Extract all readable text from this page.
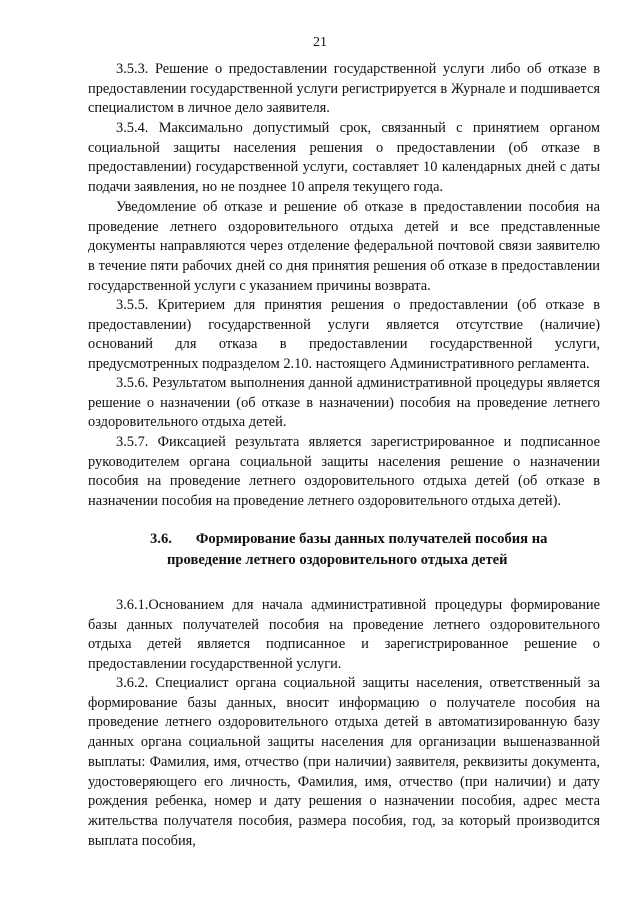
21

3.5.3. Решение о предоставлении государственной услуги либо об отказе в предоставлении государственной услуги регистрируется в Журнале и подшивается специалистом в личное дело заявителя.

3.5.4. Максимально допустимый срок, связанный с принятием органом социальной защиты населения решения о предоставлении (об отказе в предоставлении) государственной услуги, составляет 10 календарных дней с даты подачи заявления, но не позднее 10 апреля текущего года.

Уведомление об отказе и решение об отказе в предоставлении пособия на проведение летнего оздоровительного отдыха детей и все представленные документы направляются через отделение федеральной почтовой связи заявителю в течение пяти рабочих дней со дня принятия решения об отказе в предоставлении государственной услуги с указанием причины возврата.

3.5.5. Критерием для принятия решения о предоставлении (об отказе в предоставлении) государственной услуги является отсутствие (наличие) оснований для отказа в предоставлении государственной услуги, предусмотренных подразделом 2.10. настоящего Административного регламента.

3.5.6. Результатом выполнения данной административной процедуры является решение о назначении (об отказе в назначении) пособия на проведение летнего оздоровительного отдыха детей.

3.5.7. Фиксацией результата является зарегистрированное и подписанное руководителем органа социальной защиты населения решение о назначении пособия на проведение летнего оздоровительного отдыха детей (об отказе в назначении пособия на проведение летнего оздоровительного отдыха детей).

3.6. Формирование базы данных получателей пособия на
проведение летнего оздоровительного отдыха детей

3.6.1.Основанием для начала административной процедуры формирование базы данных получателей пособия на проведение летнего оздоровительного отдыха детей является подписанное и зарегистрированное решение о предоставлении государственной услуги.

3.6.2. Специалист органа социальной защиты населения, ответственный за формирование базы данных, вносит информацию о получателе пособия на проведение летнего оздоровительного отдыха детей в автоматизированную базу данных органа социальной защиты населения для организации вышеназванной выплаты: Фамилия, имя, отчество (при наличии) заявителя, реквизиты документа, удостоверяющего его личность, Фамилия, имя, отчество (при наличии) и дату рождения ребенка, номер и дату решения о назначении пособия, адрес места жительства получателя пособия, размера пособия, год, за который производится выплата пособия,
